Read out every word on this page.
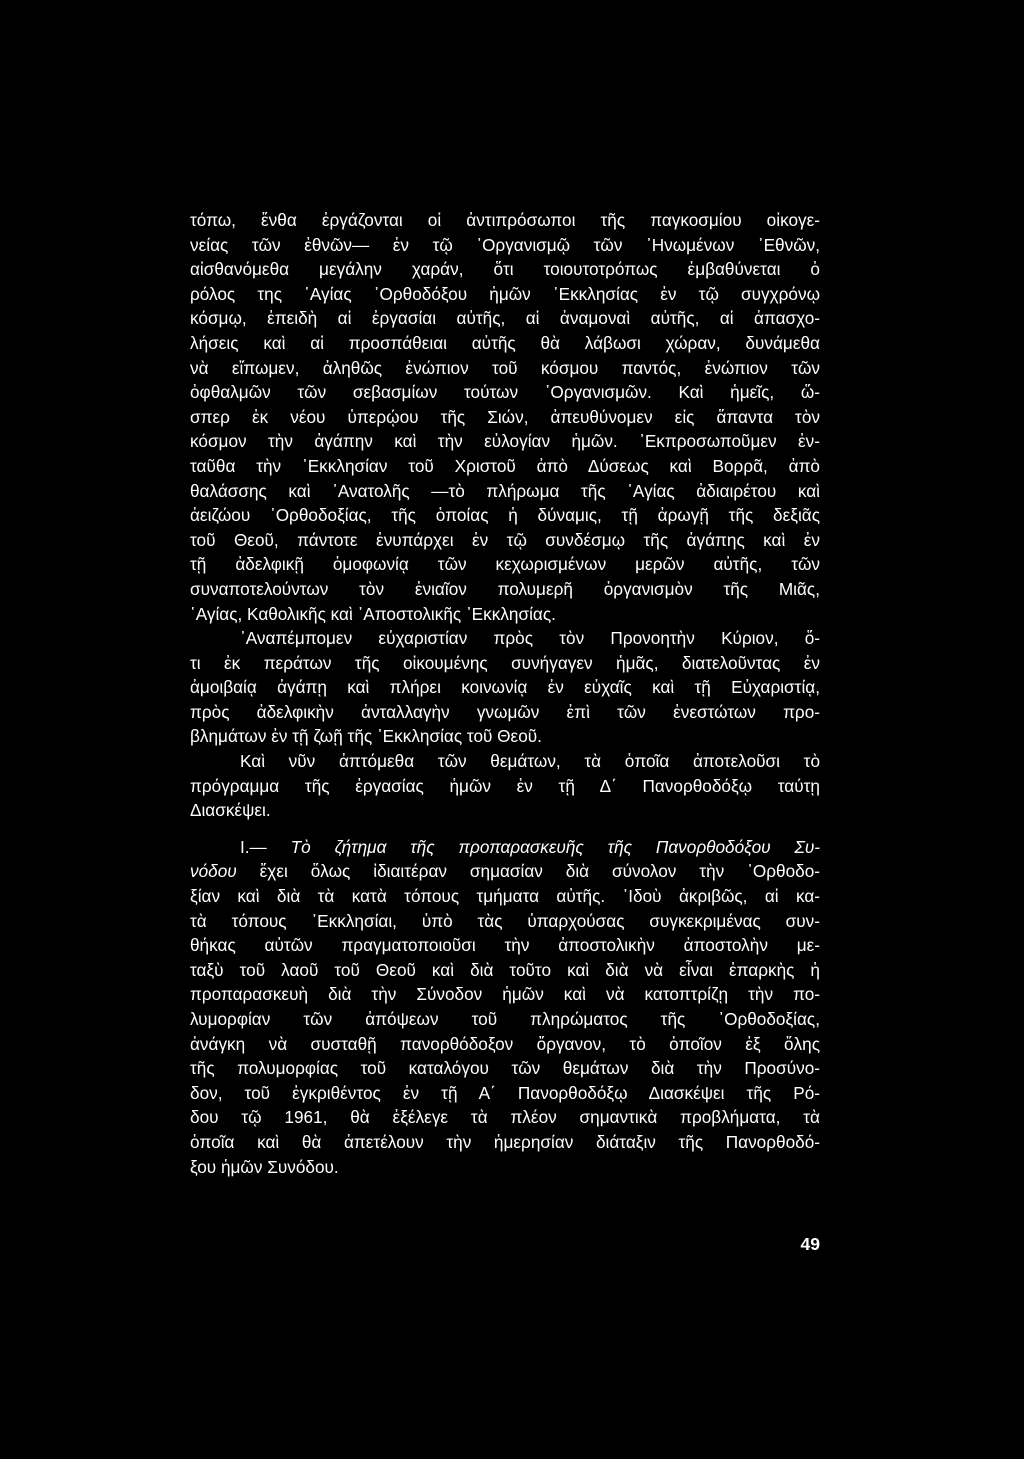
τόπω, ἔνθα ἐργάζονται οἱ ἀντιπρόσωποι τῆς παγκοσμίου οἰκογε-
νείας τῶν ἐθνῶν— ἐν τῷ ᾿Οργανισμῷ τῶν ᾿Ηνωμένων ᾿Εθνῶν,
αἰσθανόμεθα μεγάλην χαράν, ὅτι τοιουτοτρόπως ἐμβαθύνεται ὁ
ρόλος της ῾Αγίας ᾿Ορθοδόξου ἡμῶν ᾿Εκκλησίας ἐν τῷ συγχρόνῳ
κόσμῳ, ἐπειδὴ αἱ ἐργασίαι αὐτῆς, αἱ ἀναμοναὶ αὐτῆς, αἱ ἀπασχο-
λήσεις καὶ αἱ προσπάθειαι αὐτῆς θὰ λάβωσι χώραν, δυνάμεθα
νὰ εἴπωμεν, ἀληθῶς ἐνώπιον τοῦ κόσμου παντός, ἐνώπιον τῶν
ὀφθαλμῶν τῶν σεβασμίων τούτων ᾿Οργανισμῶν. Καὶ ἡμεῖς, ὥ-
σπερ ἐκ νέου ὑπερῴου τῆς Σιών, ἀπευθύνομεν εἰς ἅπαντα τὸν
κόσμον τὴν ἀγάπην καὶ τὴν εὐλογίαν ἡμῶν. ᾿Εκπροσωποῦμεν ἐν-
ταῦθα τὴν ᾿Εκκλησίαν τοῦ Χριστοῦ ἀπὸ Δύσεως καὶ Βορρᾶ, ἀπὸ
θαλάσσης καὶ ᾿Ανατολῆς —τὸ πλήρωμα τῆς ῾Αγίας ἀδιαιρέτου καὶ
ἀειζώου ᾿Ορθοδοξίας, τῆς ὁποίας ἡ δύναμις, τῇ ἀρωγῇ τῆς δεξιᾶς
τοῦ Θεοῦ, πάντοτε ἐνυπάρχει ἐν τῷ συνδέσμῳ τῆς ἀγάπης καὶ ἐν
τῇ ἀδελφικῇ ὁμοφωνίᾳ τῶν κεχωρισμένων μερῶν αὐτῆς, τῶν
συναποτελούντων τὸν ἑνιαῖον πολυμερῆ ὀργανισμὸν τῆς Μιᾶς,
῾Αγίας, Καθολικῆς καὶ ᾿Αποστολικῆς ᾿Εκκλησίας.
᾿Αναπέμπομεν εὐχαριστίαν πρὸς τὸν Προνοητὴν Κύριον, ὅ-
τι ἐκ περάτων τῆς οἰκουμένης συνήγαγεν ἡμᾶς, διατελοῦντας ἐν
ἀμοιβαίᾳ ἀγάπῃ καὶ πλήρει κοινωνίᾳ ἐν εὐχαῖς καὶ τῇ Εὐχαριστίᾳ,
πρὸς ἀδελφικὴν ἀνταλλαγὴν γνωμῶν ἐπὶ τῶν ἐνεστώτων προ-
βλημάτων ἐν τῇ ζωῇ τῆς ᾿Εκκλησίας τοῦ Θεοῦ.
Καὶ νῦν ἀπτόμεθα τῶν θεμάτων, τὰ ὁποῖα ἀποτελοῦσι τὸ
πρόγραμμα τῆς ἐργασίας ἡμῶν ἐν τῇ Δ΄ Πανορθοδόξῳ ταύτῃ
Διασκέψει.
Ι.— Τὸ ζήτημα τῆς προπαρασκευῆς τῆς Πανορθοδόξου Συ-
νόδου ἔχει ὅλως ἰδιαιτέραν σημασίαν διὰ σύνολον τὴν ᾿Ορθοδο-
ξίαν καὶ διὰ τὰ κατὰ τόπους τμήματα αὐτῆς. ᾿Ιδοὺ ἀκριβῶς, αἱ κα-
τὰ τόπους ᾿Εκκλησίαι, ὑπὸ τὰς ὑπαρχούσας συγκεκριμένας συν-
θήκας αὐτῶν πραγματοποιοῦσι τὴν ἀποστολικὴν ἀποστολὴν με-
ταξὺ τοῦ λαοῦ τοῦ Θεοῦ καὶ διὰ τοῦτο καὶ διὰ νὰ εἶναι ἐπαρκὴς ἡ
προπαρασκευὴ διὰ τὴν Σύνοδον ἡμῶν καὶ νὰ κατοπτρίζῃ τὴν πο-
λυμορφίαν τῶν ἀπόψεων τοῦ πληρώματος τῆς ᾿Ορθοδοξίας,
ἀνάγκη νὰ συσταθῇ πανορθόδοξον ὄργανον, τὸ ὁποῖον ἐξ ὅλης
τῆς πολυμορφίας τοῦ καταλόγου τῶν θεμάτων διὰ τὴν Προσύνο-
δον, τοῦ ἐγκριθέντος ἐν τῇ Α΄ Πανορθοδόξῳ Διασκέψει τῆς Ρό-
δου τῷ 1961, θὰ ἐξέλεγε τὰ πλέον σημαντικὰ προβλήματα, τὰ
ὁποῖα καὶ θὰ ἀπετέλουν τὴν ἡμερησίαν διάταξιν τῆς Πανορθοδό-
ξου ἡμῶν Συνόδου.
49
